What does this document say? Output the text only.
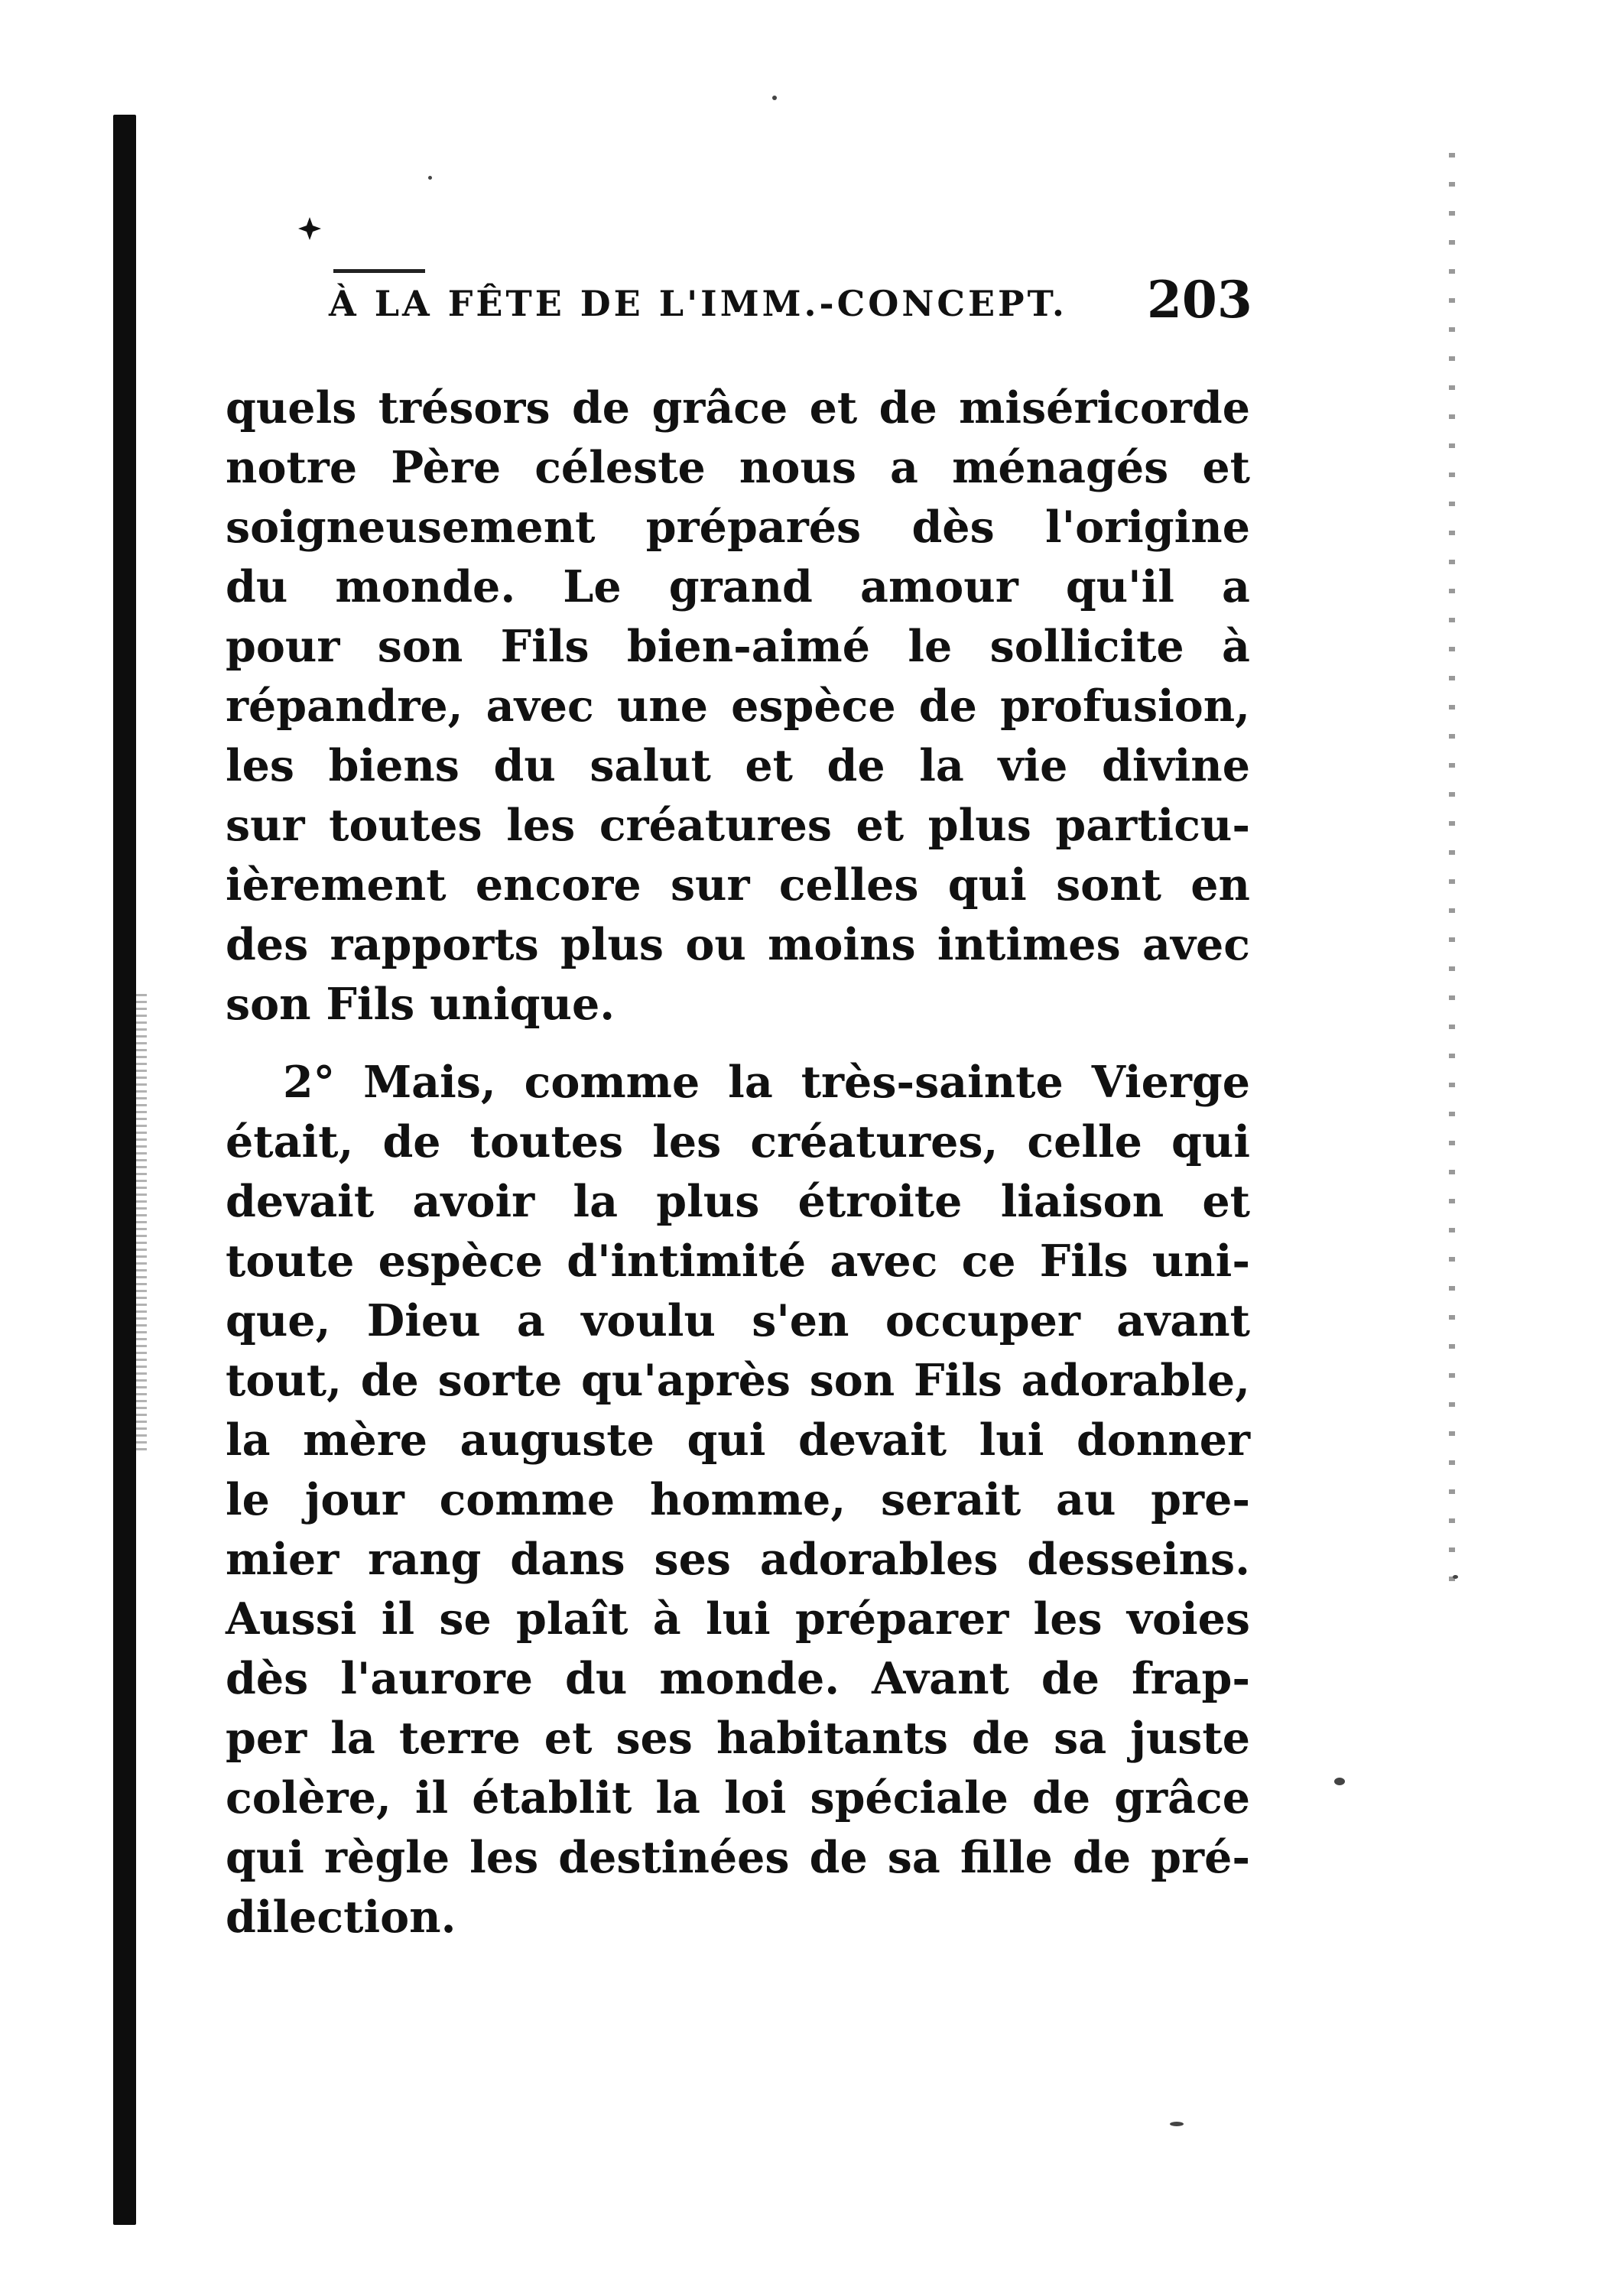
À LA FÊTE DE L'IMM.-CONCEPT.	203
quels trésors de grâce et de miséricorde
notre Père céleste nous a ménagés et
soigneusement préparés dès l'origine
du monde. Le grand amour qu'il a
pour son Fils bien-aimé le sollicite à
répandre, avec une espèce de profusion,
les biens du salut et de la vie divine
sur toutes les créatures et plus particu-
ièrement encore sur celles qui sont en
des rapports plus ou moins intimes avec
son Fils unique.
2° Mais, comme la très-sainte Vierge
était, de toutes les créatures, celle qui
devait avoir la plus étroite liaison et
toute espèce d'intimité avec ce Fils uni-
que, Dieu a voulu s'en occuper avant
tout, de sorte qu'après son Fils adorable,
la mère auguste qui devait lui donner
le jour comme homme, serait au pre-
mier rang dans ses adorables desseins.
Aussi il se plaît à lui préparer les voies
dès l'aurore du monde. Avant de frap-
per la terre et ses habitants de sa juste
colère, il établit la loi spéciale de grâce
qui règle les destinées de sa fille de pré-
dilection.
